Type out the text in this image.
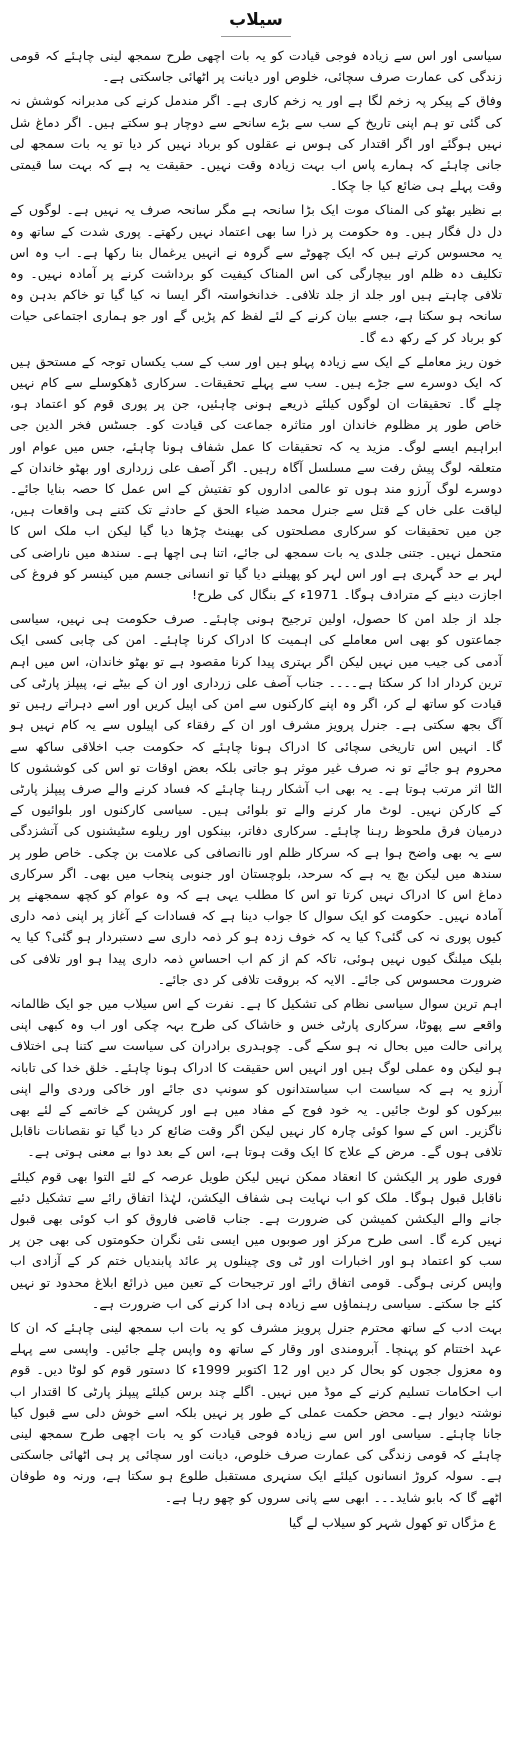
سیلاب

سیاسی اور اس سے زیادہ فوجی قیادت کو یہ بات اچھی طرح سمجھ لینی چاہئے کہ قومی زندگی کی عمارت صرف سچائی، خلوص اور دیانت پر اٹھائی جاسکتی ہے۔

وفاق کے پیکر پہ زخم لگا ہے اور یہ زخم کاری ہے۔ اگر مندمل کرنے کی مدبرانہ کوشش نہ کی گئی تو ہم اپنی تاریخ کے سب سے بڑے سانحے سے دوچار ہو سکتے ہیں۔ اگر دماغ شل نہیں ہوگئے اور اگر اقتدار کی ہوس نے عقلوں کو برباد نہیں کر دیا تو یہ بات سمجھ لی جانی چاہئے کہ ہمارے پاس اب بہت زیادہ وقت نہیں۔ حقیقت یہ ہے کہ بہت سا قیمتی وقت پہلے ہی ضائع کیا جا چکا۔

بے نظیر بھٹو کی المناک موت ایک بڑا سانحہ ہے مگر سانحہ صرف یہ نہیں ہے۔ لوگوں کے دل دل فگار ہیں۔ وہ حکومت پر ذرا سا بھی اعتماد نہیں رکھتے۔ پوری شدت کے ساتھ وہ یہ محسوس کرتے ہیں کہ ایک چھوٹے سے گروہ نے انہیں یرغمال بنا رکھا ہے۔ اب وہ اس تکلیف دہ ظلم اور بیچارگی کی اس المناک کیفیت کو برداشت کرنے پر آمادہ نہیں۔ وہ تلافی چاہتے ہیں اور جلد از جلد تلافی۔ خدانخواستہ اگر ایسا نہ کیا گیا تو خاکم بدہن وہ سانحہ ہو سکتا ہے، جسے بیان کرنے کے لئے لفظ کم پڑیں گے اور جو ہماری اجتماعی حیات کو برباد کر کے رکھ دے گا۔

خون ریز معاملے کے ایک سے زیادہ پہلو ہیں اور سب کے سب یکساں توجہ کے مستحق ہیں کہ ایک دوسرے سے جڑے ہیں۔ سب سے پہلے تحقیقات۔ سرکاری ڈھکوسلے سے کام نہیں چلے گا۔ تحقیقات ان لوگوں کیلئے ذریعے ہونی چاہئیں، جن پر پوری قوم کو اعتماد ہو، خاص طور پر مظلوم خاندان اور متاثرہ جماعت کی قیادت کو۔ جسٹس فخر الدین جی ابراہیم ایسے لوگ۔ مزید یہ کہ تحقیقات کا عمل شفاف ہونا چاہئے، جس میں عوام اور متعلقہ لوگ پیش رفت سے مسلسل آگاہ رہیں۔ اگر آصف علی زرداری اور بھٹو خاندان کے دوسرے لوگ آرزو مند ہوں تو عالمی اداروں کو تفتیش کے اس عمل کا حصہ بنایا جائے۔ لیاقت علی خاں کے قتل سے جنرل محمد ضیاء الحق کے حادثے تک کتنے ہی واقعات ہیں، جن میں تحقیقات کو سرکاری مصلحتوں کی بھینٹ چڑھا دیا گیا لیکن اب ملک اس کا متحمل نہیں۔ جتنی جلدی یہ بات سمجھ لی جائے، اتنا ہی اچھا ہے۔ سندھ میں ناراضی کی لہر بے حد گہری ہے اور اس لہر کو پھیلنے دیا گیا تو انسانی جسم میں کینسر کو فروغ کی اجازت دینے کے مترادف ہوگا۔ 1971ء کے بنگال کی طرح!

جلد از جلد امن کا حصول، اولین ترجیح ہونی چاہئے۔ صرف حکومت ہی نہیں، سیاسی جماعتوں کو بھی اس معاملے کی اہمیت کا ادراک کرنا چاہئے۔ امن کی چابی کسی ایک آدمی کی جیب میں نہیں لیکن اگر بہتری پیدا کرنا مقصود ہے تو بھٹو خاندان، اس میں اہم ترین کردار ادا کر سکتا ہے۔۔۔۔ جناب آصف علی زرداری اور ان کے بیٹے نے، پیپلز پارٹی کی قیادت کو ساتھ لے کر، اگر وہ اپنے کارکنوں سے امن کی اپیل کریں اور اسے دہراتے رہیں تو آگ بجھ سکتی ہے۔ جنرل پرویز مشرف اور ان کے رفقاء کی اپیلوں سے یہ کام نہیں ہو گا۔ انہیں اس تاریخی سچائی کا ادراک ہونا چاہئے کہ حکومت جب اخلاقی ساکھ سے محروم ہو جائے تو نہ صرف غیر موثر ہو جاتی بلکہ بعض اوقات تو اس کی کوششوں کا الٹا اثر مرتب ہوتا ہے۔ یہ بھی اب آشکار رہنا چاہئے کہ فساد کرنے والے صرف پیپلز پارٹی کے کارکن نہیں۔ لوٹ مار کرنے والے تو بلوائی ہیں۔ سیاسی کارکنوں اور بلوائیوں کے درمیان فرق ملحوظ رہنا چاہئے۔ سرکاری دفاتر، بینکوں اور ریلوے سٹیشنوں کی آتشزدگی سے یہ بھی واضح ہوا ہے کہ سرکار ظلم اور ناانصافی کی علامت بن چکی۔ خاص طور پر سندھ میں لیکن بچ یہ ہے کہ سرحد، بلوچستان اور جنوبی پنجاب میں بھی۔ اگر سرکاری دماغ اس کا ادراک نہیں کرتا تو اس کا مطلب یہی ہے کہ وہ عوام کو کچھ سمجھنے پر آمادہ نہیں۔ حکومت کو ایک سوال کا جواب دینا ہے کہ فسادات کے آغاز پر اپنی ذمہ داری کیوں پوری نہ کی گئی؟ کیا یہ کہ خوف زدہ ہو کر ذمہ داری سے دستبردار ہو گئی؟ کیا یہ بلیک میلنگ کیوں نہیں ہوئی، تاکہ کم از کم اب احساسِ ذمہ داری پیدا ہو اور تلافی کی ضرورت محسوس کی جائے۔ الایہ کہ بروقت تلافی کر دی جائے۔

اہم ترین سوال سیاسی نظام کی تشکیل کا ہے۔ نفرت کے اس سیلاب میں جو ایک ظالمانہ واقعے سے پھوٹا، سرکاری پارٹی خس و خاشاک کی طرح بہہ چکی اور اب وہ کبھی اپنی پرانی حالت میں بحال نہ ہو سکے گی۔ چوہدری برادران کی سیاست سے کتنا ہی اختلاف ہو لیکن وہ عملی لوگ ہیں اور انہیں اس حقیقت کا ادراک ہونا چاہئے۔ خلق خدا کی تابانہ آرزو یہ ہے کہ سیاست اب سیاستدانوں کو سونپ دی جائے اور خاکی وردی والے اپنی بیرکوں کو لوٹ جائیں۔ یہ خود فوج کے مفاد میں ہے اور کرپشن کے خاتمے کے لئے بھی ناگزیر۔ اس کے سوا کوئی چارہ کار نہیں لیکن اگر وقت ضائع کر دیا گیا تو نقصانات ناقابل تلافی ہوں گے۔ مرض کے علاج کا ایک وقت ہوتا ہے، اس کے بعد دوا بے معنی ہوتی ہے۔

فوری طور پر الیکشن کا انعقاد ممکن نہیں لیکن طویل عرصہ کے لئے التوا بھی قوم کیلئے ناقابل قبول ہوگا۔ ملک کو اب نہایت ہی شفاف الیکشن، لہٰذا اتفاق رائے سے تشکیل دئیے جانے والے الیکشن کمیشن کی ضرورت ہے۔ جناب قاضی فاروق کو اب کوئی بھی قبول نہیں کرے گا۔ اسی طرح مرکز اور صوبوں میں ایسی نئی نگران حکومتوں کی بھی جن پر سب کو اعتماد ہو اور اخبارات اور ٹی وی چینلوں پر عائد پابندیاں ختم کر کے آزادی اب واپس کرنی ہوگی۔ قومی اتفاق رائے اور ترجیحات کے تعین میں ذرائع ابلاغ محدود تو نہیں کئے جا سکتے۔ سیاسی رہنماؤں سے زیادہ ہی ادا کرنے کی اب ضرورت ہے۔

بہت ادب کے ساتھ محترم جنرل پرویز مشرف کو یہ بات اب سمجھ لینی چاہئے کہ ان کا عہد اختتام کو پہنچا۔ آبرومندی اور وقار کے ساتھ وہ واپس چلے جائیں۔ واپسی سے پہلے وہ معزول ججوں کو بحال کر دیں اور 12 اکتوبر 1999ء کا دستور قوم کو لوٹا دیں۔ قوم اب احکامات تسلیم کرنے کے موڈ میں نہیں۔ اگلے چند برس کیلئے پیپلز پارٹی کا اقتدار اب نوشتہ دیوار ہے۔ محض حکمت عملی کے طور پر نہیں بلکہ اسے خوش دلی سے قبول کیا جانا چاہئے۔ سیاسی اور اس سے زیادہ فوجی قیادت کو یہ بات اچھی طرح سمجھ لینی چاہئے کہ قومی زندگی کی عمارت صرف خلوص، دیانت اور سچائی پر ہی اٹھائی جاسکتی ہے۔ سولہ کروڑ انسانوں کیلئے ایک سنہری مستقبل طلوع ہو سکتا ہے، ورنہ وہ طوفان اٹھے گا کہ بابو شاید۔۔۔ ابھی سے پانی سروں کو چھو رہا ہے۔

ع مژگاں تو کھول شہر کو سیلاب لے گیا
